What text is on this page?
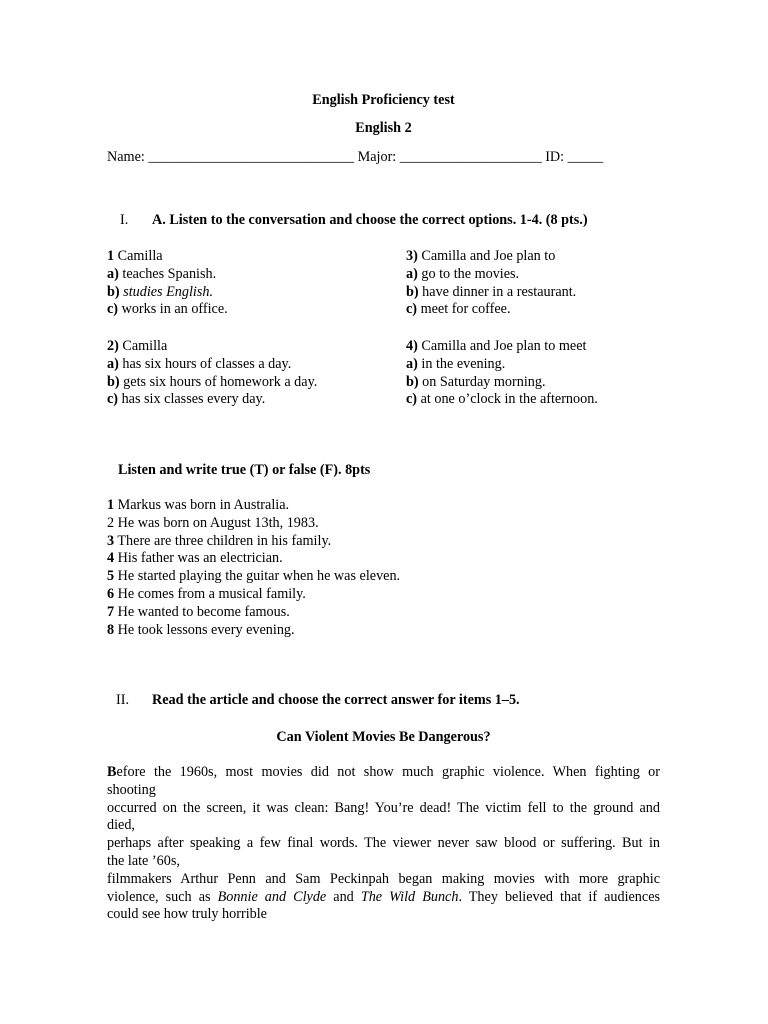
English Proficiency test
English 2
Name: _____________________________ Major: ____________________ ID: _____
I. A. Listen to the conversation and choose the correct options. 1-4. (8 pts.)
1 Camilla
a) teaches Spanish.
b) studies English.
c) works in an office.
2) Camilla
a) has six hours of classes a day.
b) gets six hours of homework a day.
c) has six classes every day.
3) Camilla and Joe plan to
a) go to the movies.
b) have dinner in a restaurant.
c) meet for coffee.
4) Camilla and Joe plan to meet
a) in the evening.
b) on Saturday morning.
c) at one o’clock in the afternoon.
Listen and write true (T) or false (F). 8pts
1 Markus was born in Australia.
2 He was born on August 13th, 1983.
3 There are three children in his family.
4 His father was an electrician.
5 He started playing the guitar when he was eleven.
6 He comes from a musical family.
7 He wanted to become famous.
8 He took lessons every evening.
II. Read the article and choose the correct answer for items 1–5.
Can Violent Movies Be Dangerous?
Before the 1960s, most movies did not show much graphic violence. When fighting or
shooting
occurred on the screen, it was clean: Bang! You’re dead! The victim fell to the ground and
died,
perhaps after speaking a few final words. The viewer never saw blood or suffering. But in
the late ’60s,
filmmakers Arthur Penn and Sam Peckinpah began making movies with more graphic
violence, such as Bonnie and Clyde and The Wild Bunch. They believed that if audiences
could see how truly horrible
